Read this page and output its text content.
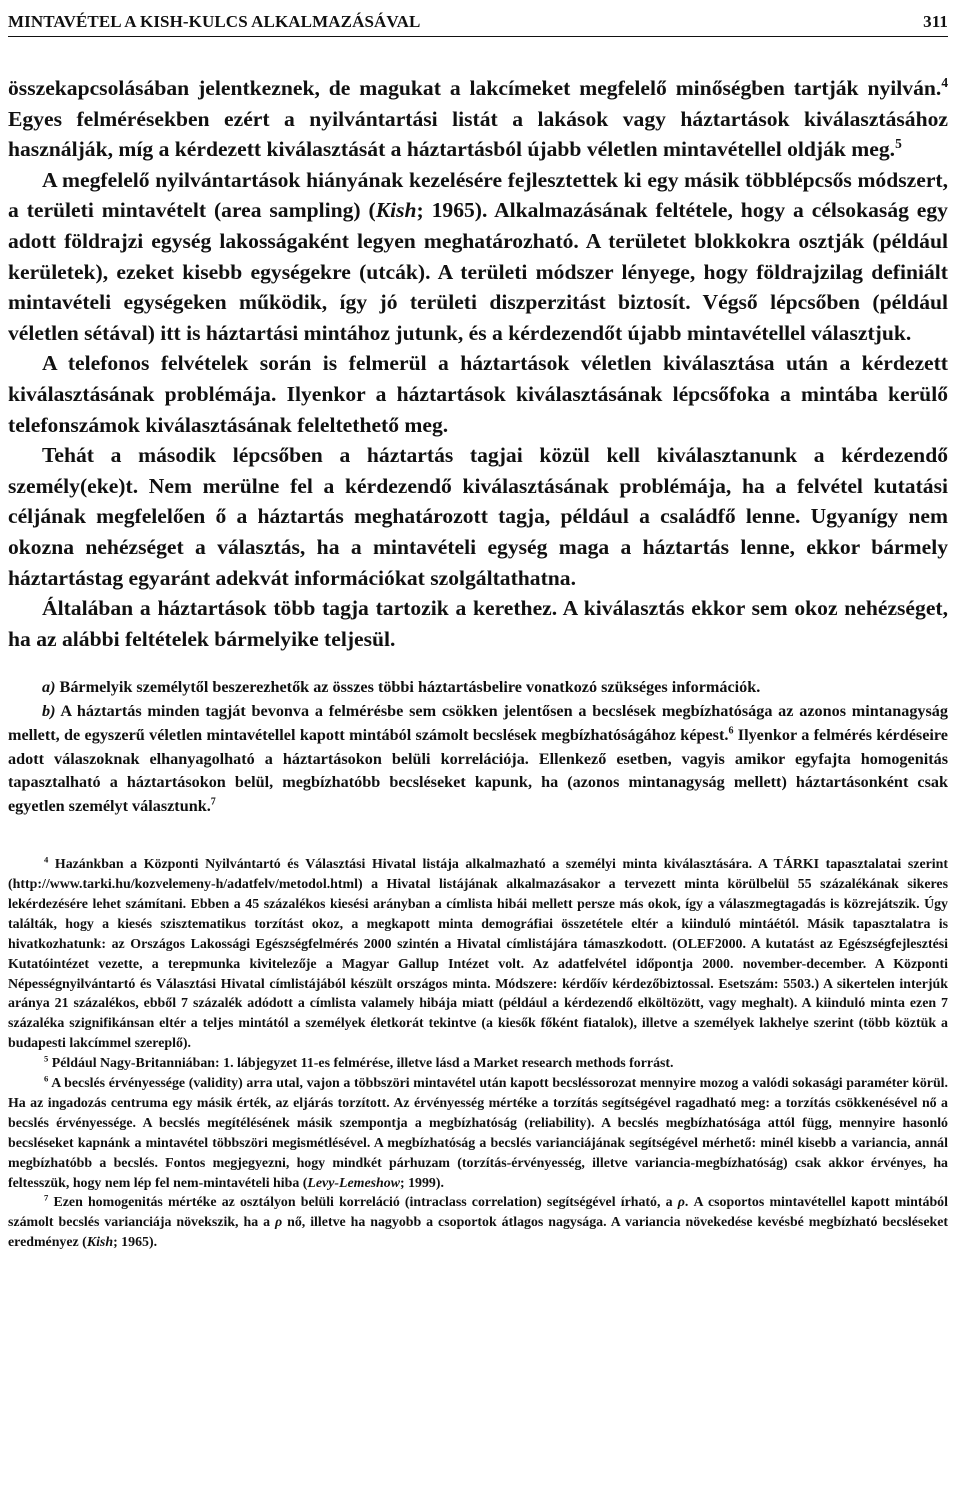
MINTAVÉTEL A KISH-KULCS ALKALMAZÁSÁVAL	311

összekapcsolásában jelentkeznek, de magukat a lakcímeket megfelelő minőségben tartják nyilván.$^4$ Egyes felmérésekben ezért a nyilvántartási listát a lakások vagy háztartások kiválasztásához használják, míg a kérdezett kiválasztását a háztartásból újabb véletlen mintavétellel oldják meg.$^5$

A megfelelő nyilvántartások hiányának kezelésére fejlesztettek ki egy másik többlépcsős módszert, a területi mintavételt (area sampling) (Kish; 1965). Alkalmazásának feltétele, hogy a célsokaság egy adott földrajzi egység lakosságaként legyen meghatározható. A területet blokkokra osztják (például kerületek), ezeket kisebb egységekre (utcák). A területi módszer lényege, hogy földrajzilag definiált mintavételi egységeken működik, így jó területi diszperzitást biztosít. Végső lépcsőben (például véletlen sétával) itt is háztartási mintához jutunk, és a kérdezendőt újabb mintavétellel választjuk.

A telefonos felvételek során is felmerül a háztartások véletlen kiválasztása után a kérdezett kiválasztásának problémája. Ilyenkor a háztartások kiválasztásának lépcsőfoka a mintába kerülő telefonszámok kiválasztásának feleltethető meg.

Tehát a második lépcsőben a háztartás tagjai közül kell kiválasztanunk a kérdezendő személy(eke)t. Nem merülne fel a kérdezendő kiválasztásának problémája, ha a felvétel kutatási céljának megfelelően ő a háztartás meghatározott tagja, például a családfő lenne. Ugyanígy nem okozna nehézséget a választás, ha a mintavételi egység maga a háztartás lenne, ekkor bármely háztartástag egyaránt adekvát információkat szolgáltathatna.

Általában a háztartások több tagja tartozik a kerethez. A kiválasztás ekkor sem okoz nehézséget, ha az alábbi feltételek bármelyike teljesül.

a) Bármelyik személytől beszerezhetők az összes többi háztartásbelire vonatkozó szükséges információk.

b) A háztartás minden tagját bevonva a felmérésbe sem csökken jelentősen a becslések megbízhatósága az azonos mintanagyság mellett, de egyszerű véletlen mintavétellel kapott mintából számolt becslések megbízhatóságához képest.$^6$ Ilyenkor a felmérés kérdéseire adott válaszoknak elhanyagolható a háztartásokon belüli korrelációja. Ellenkező esetben, vagyis amikor egyfajta homogenitás tapasztalható a háztartásokon belül, megbízhatóbb becsléseket kapunk, ha (azonos mintanagyság mellett) háztartásonként csak egyetlen személyt választunk.$^7$

$^4$ Hazánkban a Központi Nyilvántartó és Választási Hivatal listája alkalmazható a személyi minta kiválasztására. A TÁRKI tapasztalatai szerint (http://www.tarki.hu/kozvelemeny-h/adatfelv/metodol.html) a Hivatal listájának alkalmazásakor a tervezett minta körülbelül 55 százalékának sikeres lekérdezésére lehet számítani. Ebben a 45 százalékos kiesési arányban a címlista hibái mellett persze más okok, így a válaszmegtagadás is közrejátszik. Úgy találták, hogy a kiesés szisztematikus torzítást okoz, a megkapott minta demográfiai összetétele eltér a kiinduló mintáétól. Másik tapasztalatra is hivatkozhatunk: az Országos Lakossági Egészségfelmérés 2000 szintén a Hivatal címlistájára támaszkodott. (OLEF2000. A kutatást az Egészségfejlesztési Kutatóintézet vezette, a terepmunka kivitelezője a Magyar Gallup Intézet volt. Az adatfelvétel időpontja 2000. november-december. A Központi Népességnyilvántartó és Választási Hivatal címlistájából készült országos minta. Módszere: kérdőív kérdezőbiztossal. Esetszám: 5503.) A sikertelen interjúk aránya 21 százalékos, ebből 7 százalék adódott a címlista valamely hibája miatt (például a kérdezendő elköltözött, vagy meghalt). A kiinduló minta ezen 7 százaléka szignifikánsan eltér a teljes mintától a személyek életkorát tekintve (a kiesők főként fiatalok), illetve a személyek lakhelye szerint (több köztük a budapesti lakcímmel szereplő).

$^5$ Például Nagy-Britanniában: 1. lábjegyzet 11-es felmérése, illetve lásd a Market research methods forrást.

$^6$ A becslés érvényessége (validity) arra utal, vajon a többszöri mintavétel után kapott becsléssorozat mennyire mozog a valódi sokasági paraméter körül. Ha az ingadozás centruma egy másik érték, az eljárás torzított. Az érvényesség mértéke a torzítás segítségével ragadható meg: a torzítás csökkenésével nő a becslés érvényessége. A becslés megítélésének másik szempontja a megbízhatóság (reliability). A becslés megbízhatósága attól függ, mennyire hasonló becsléseket kapnánk a mintavétel többszöri megismétlésével. A megbízhatóság a becslés varianciájának segítségével mérhető: minél kisebb a variancia, annál megbízhatóbb a becslés. Fontos megjegyezni, hogy mindkét párhuzam (torzítás-érvényesség, illetve variancia-megbízhatóság) csak akkor érvényes, ha feltesszük, hogy nem lép fel nem-mintavételi hiba (Levy-Lemeshow; 1999).

$^7$ Ezen homogenitás mértéke az osztályon belüli korreláció (intraclass correlation) segítségével írható, a ρ. A csoportos mintavétellel kapott mintából számolt becslés varianciája növekszik, ha a ρ nő, illetve ha nagyobb a csoportok átlagos nagysága. A variancia növekedése kevésbé megbízható becsléseket eredményez (Kish; 1965).
